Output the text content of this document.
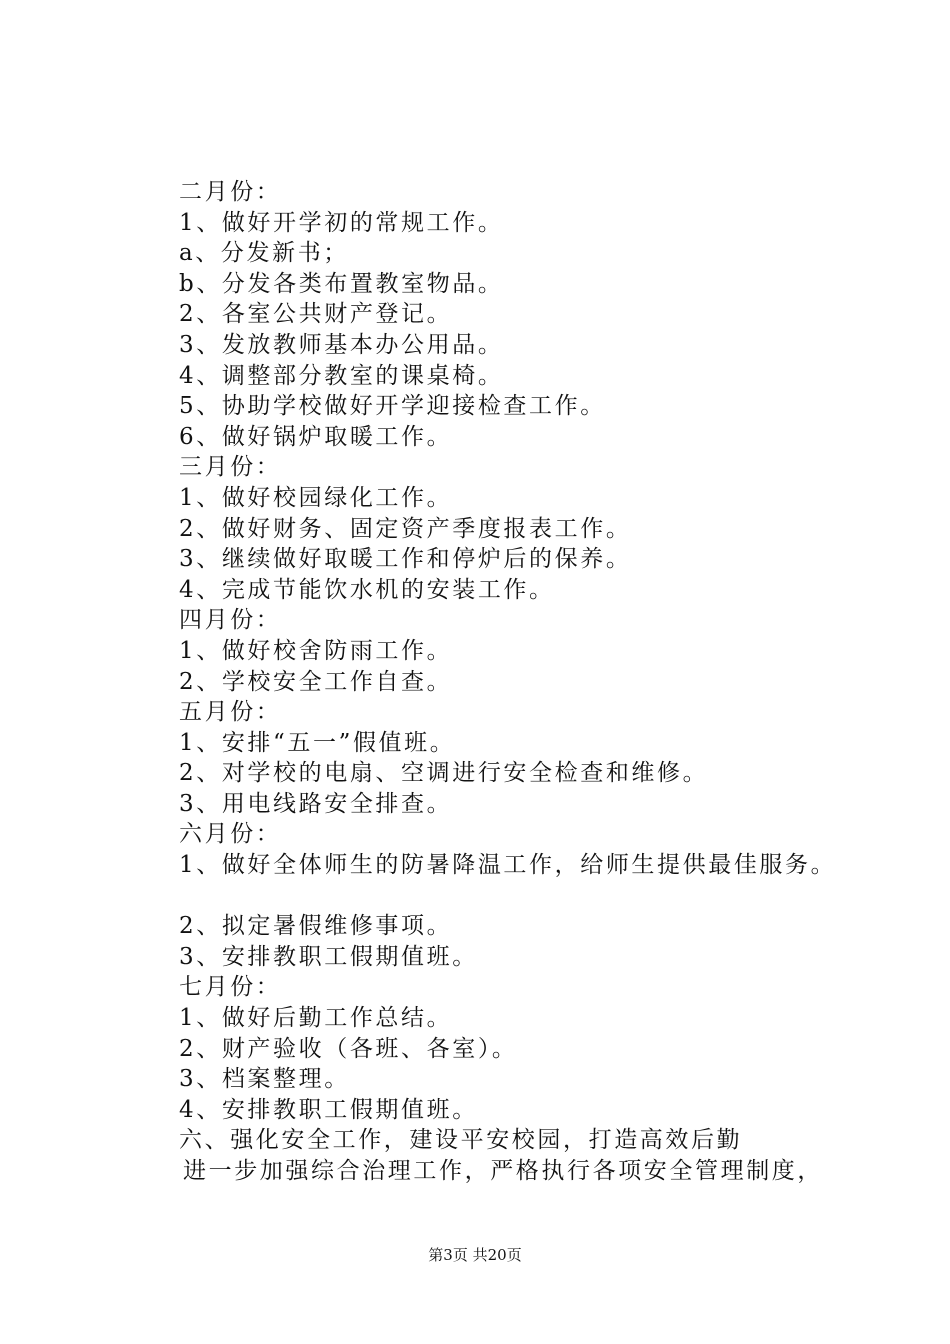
二月份：
1、做好开学初的常规工作。
a、分发新书；
b、分发各类布置教室物品。
2、各室公共财产登记。
3、发放教师基本办公用品。
4、调整部分教室的课桌椅。
5、协助学校做好开学迎接检查工作。
6、做好锅炉取暖工作。
三月份：
1、做好校园绿化工作。
2、做好财务、固定资产季度报表工作。
3、继续做好取暖工作和停炉后的保养。
4、完成节能饮水机的安装工作。
四月份：
1、做好校舍防雨工作。
2、学校安全工作自查。
五月份：
1、安排“五一”假值班。
2、对学校的电扇、空调进行安全检查和维修。
3、用电线路安全排查。
六月份：
1、做好全体师生的防暑降温工作，给师生提供最佳服务。
2、拟定暑假维修事项。
3、安排教职工假期值班。
七月份：
1、做好后勤工作总结。
2、财产验收（各班、各室）。
3、档案整理。
4、安排教职工假期值班。
六、强化安全工作，建设平安校园，打造高效后勤
进一步加强综合治理工作，严格执行各项安全管理制度，
第3页 共20页
